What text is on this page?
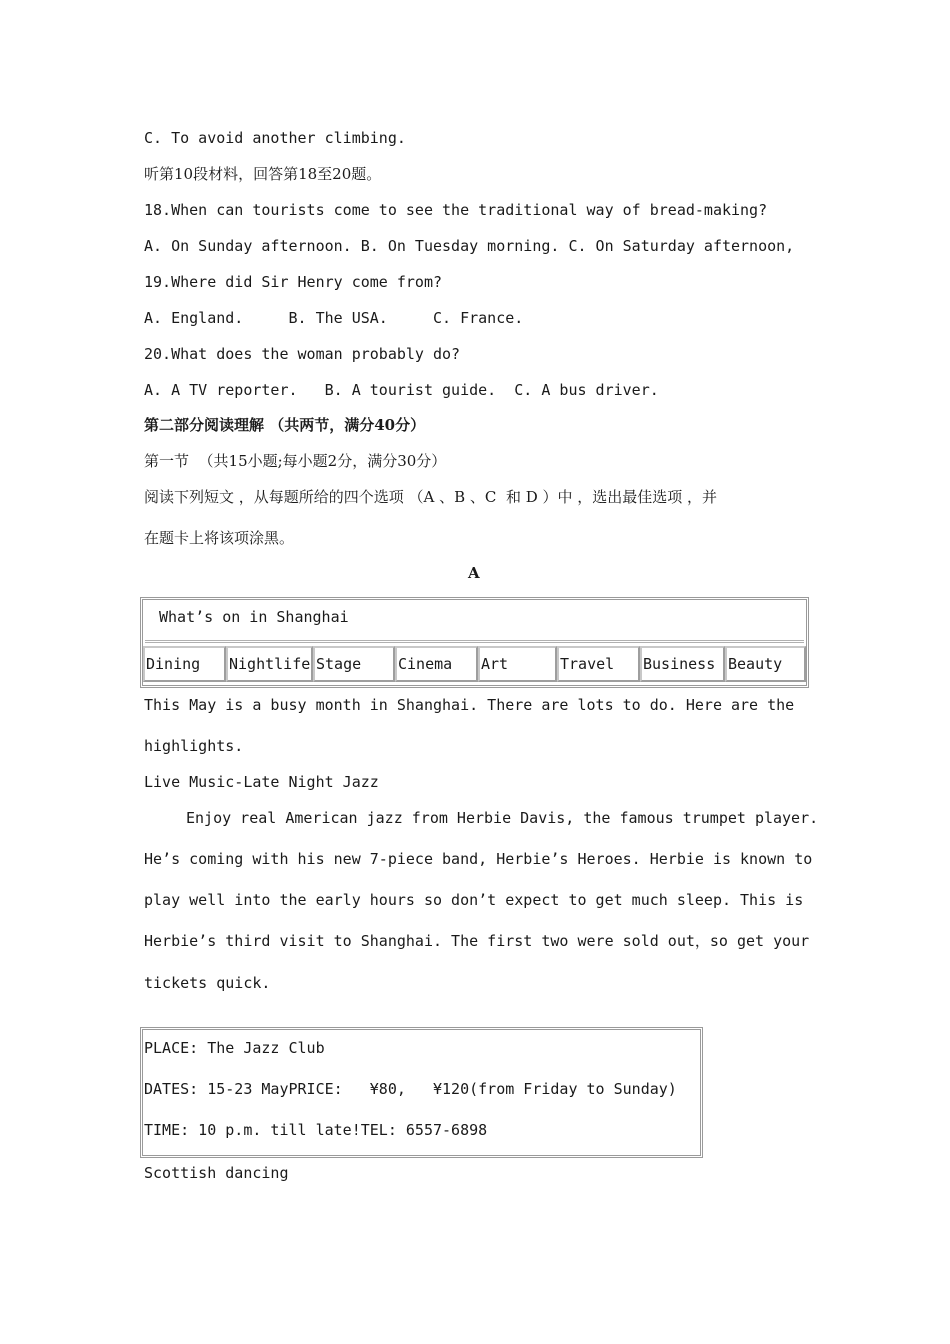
C. To avoid another climbing.
听第10段材料，回答第18至20题。
18.When can tourists come to see the traditional way of bread-making?
A. On Sunday afternoon. B. On Tuesday morning. C. On Saturday afternoon,
19.Where did Sir Henry come from?
A. England.     B. The USA.     C. France.
20.What does the woman probably do?
A. A TV reporter.   B. A tourist guide.  C. A bus driver.
第二部分阅读理解 （共两节，满分40分）
第一节  （共15小题;每小题2分，满分30分）
阅读下列短文 ，从每题所给的四个选项 （A 、B 、C  和 D ）中 ，选出最佳选项 ，并
在题卡上将该项涂黑。
A
What’s on in Shanghai
Dining	Nightlife Stage	Cinema	Art	Travel	Business Beauty
This May is a busy month in Shanghai. There are lots to do. Here are the
highlights.
Live Music-Late Night Jazz
Enjoy real American jazz from Herbie Davis, the famous trumpet player.
He’s coming with his new 7-piece band, Herbie’s Heroes. Herbie is known to
play well into the early hours so don’t expect to get much sleep. This is
Herbie’s third visit to Shanghai. The first two were sold out，so get your
tickets quick.
PLACE: The Jazz Club
DATES: 15-23 MayPRICE:   ¥80,   ¥120(from Friday to Sunday)
TIME: 10 p.m. till late!TEL: 6557-6898
Scottish dancing
